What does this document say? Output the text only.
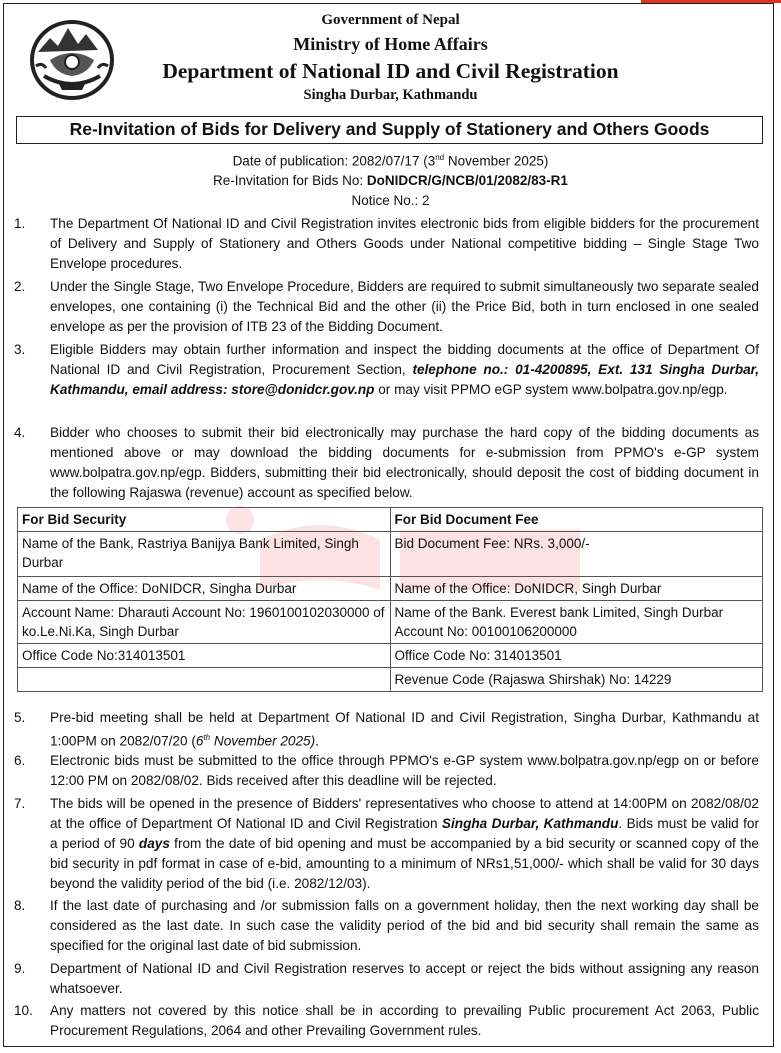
Government of Nepal
Ministry of Home Affairs
Department of National ID and Civil Registration
Singha Durbar, Kathmandu
Re-Invitation of Bids for Delivery and Supply of Stationery and Others Goods
Date of publication: 2082/07/17 (3nd November 2025)
Re-Invitation for Bids No: DoNIDCR/G/NCB/01/2082/83-R1
Notice No.: 2
1.	The Department Of National ID and Civil Registration invites electronic bids from eligible bidders for the procurement of Delivery and Supply of Stationery and Others Goods under National competitive bidding – Single Stage Two Envelope procedures.
2.	Under the Single Stage, Two Envelope Procedure, Bidders are required to submit simultaneously two separate sealed envelopes, one containing (i) the Technical Bid and the other (ii) the Price Bid, both in turn enclosed in one sealed envelope as per the provision of ITB 23 of the Bidding Document.
3.	Eligible Bidders may obtain further information and inspect the bidding documents at the office of Department Of National ID and Civil Registration, Procurement Section, telephone no.: 01-4200895, Ext. 131 Singha Durbar, Kathmandu, email address: store@donidcr.gov.np or may visit PPMO eGP system www.bolpatra.gov.np/egp.
4.	Bidder who chooses to submit their bid electronically may purchase the hard copy of the bidding documents as mentioned above or may download the bidding documents for e-submission from PPMO's e-GP system www.bolpatra.gov.np/egp. Bidders, submitting their bid electronically, should deposit the cost of bidding document in the following Rajaswa (revenue) account as specified below.
For Bid Security	For Bid Document Fee
Name of the Bank, Rastriya Banijya Bank Limited, Singh Durbar	Bid Document Fee: NRs. 3,000/-
Name of the Office: DoNIDCR, Singha Durbar	Name of the Office: DoNIDCR, Singh Durbar
Account Name: Dharauti Account No: 1960100102030000 of ko.Le.Ni.Ka, Singh Durbar	Name of the Bank. Everest bank Limited, Singh Durbar Account No: 00100106200000
Office Code No:314013501	Office Code No: 314013501
	Revenue Code (Rajaswa Shirshak) No: 14229
5.	Pre-bid meeting shall be held at Department Of National ID and Civil Registration, Singha Durbar, Kathmandu at 1:00PM on 2082/07/20 (6th November 2025).
6.	Electronic bids must be submitted to the office through PPMO's e-GP system www.bolpatra.gov.np/egp on or before 12:00 PM on 2082/08/02. Bids received after this deadline will be rejected.
7.	The bids will be opened in the presence of Bidders' representatives who choose to attend at 14:00PM on 2082/08/02 at the office of Department Of National ID and Civil Registration Singha Durbar, Kathmandu. Bids must be valid for a period of 90 days from the date of bid opening and must be accompanied by a bid security or scanned copy of the bid security in pdf format in case of e-bid, amounting to a minimum of NRs1,51,000/- which shall be valid for 30 days beyond the validity period of the bid (i.e. 2082/12/03).
8.	If the last date of purchasing and /or submission falls on a government holiday, then the next working day shall be considered as the last date. In such case the validity period of the bid and bid security shall remain the same as specified for the original last date of bid submission.
9.	Department of National ID and Civil Registration reserves to accept or reject the bids without assigning any reason whatsoever.
10.	Any matters not covered by this notice shall be in according to prevailing Public procurement Act 2063, Public Procurement Regulations, 2064 and other Prevailing Government rules.
